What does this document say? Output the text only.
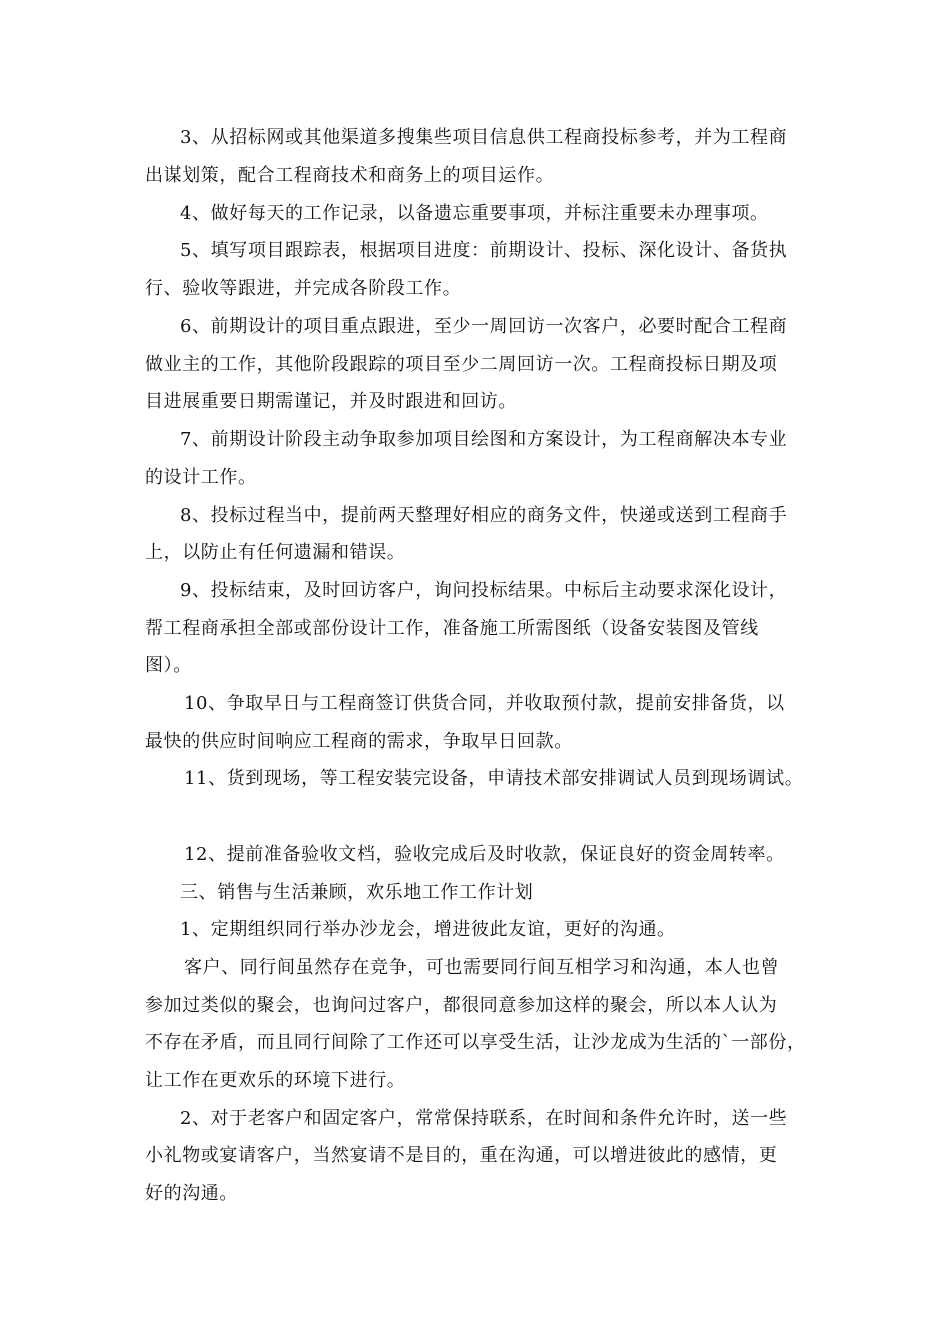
3、从招标网或其他渠道多搜集些项目信息供工程商投标参考，并为工程商
出谋划策，配合工程商技术和商务上的项目运作。
4、做好每天的工作记录，以备遗忘重要事项，并标注重要未办理事项。
5、填写项目跟踪表，根据项目进度：前期设计、投标、深化设计、备货执
行、验收等跟进，并完成各阶段工作。
6、前期设计的项目重点跟进，至少一周回访一次客户，必要时配合工程商
做业主的工作，其他阶段跟踪的项目至少二周回访一次。工程商投标日期及项
目进展重要日期需谨记，并及时跟进和回访。
7、前期设计阶段主动争取参加项目绘图和方案设计，为工程商解决本专业
的设计工作。
8、投标过程当中，提前两天整理好相应的商务文件，快递或送到工程商手
上，以防止有任何遗漏和错误。
9、投标结束，及时回访客户，询问投标结果。中标后主动要求深化设计，
帮工程商承担全部或部份设计工作，准备施工所需图纸（设备安装图及管线
图）。
10、争取早日与工程商签订供货合同，并收取预付款，提前安排备货，以
最快的供应时间响应工程商的需求，争取早日回款。
11、货到现场，等工程安装完设备，申请技术部安排调试人员到现场调试。
12、提前准备验收文档，验收完成后及时收款，保证良好的资金周转率。
三、销售与生活兼顾，欢乐地工作工作计划
1、定期组织同行举办沙龙会，增进彼此友谊，更好的沟通。
客户、同行间虽然存在竞争，可也需要同行间互相学习和沟通，本人也曾
参加过类似的聚会，也询问过客户，都很同意参加这样的聚会，所以本人认为
不存在矛盾，而且同行间除了工作还可以享受生活，让沙龙成为生活的`一部份，
让工作在更欢乐的环境下进行。
2、对于老客户和固定客户，常常保持联系，在时间和条件允许时，送一些
小礼物或宴请客户，当然宴请不是目的，重在沟通，可以增进彼此的感情，更
好的沟通。
